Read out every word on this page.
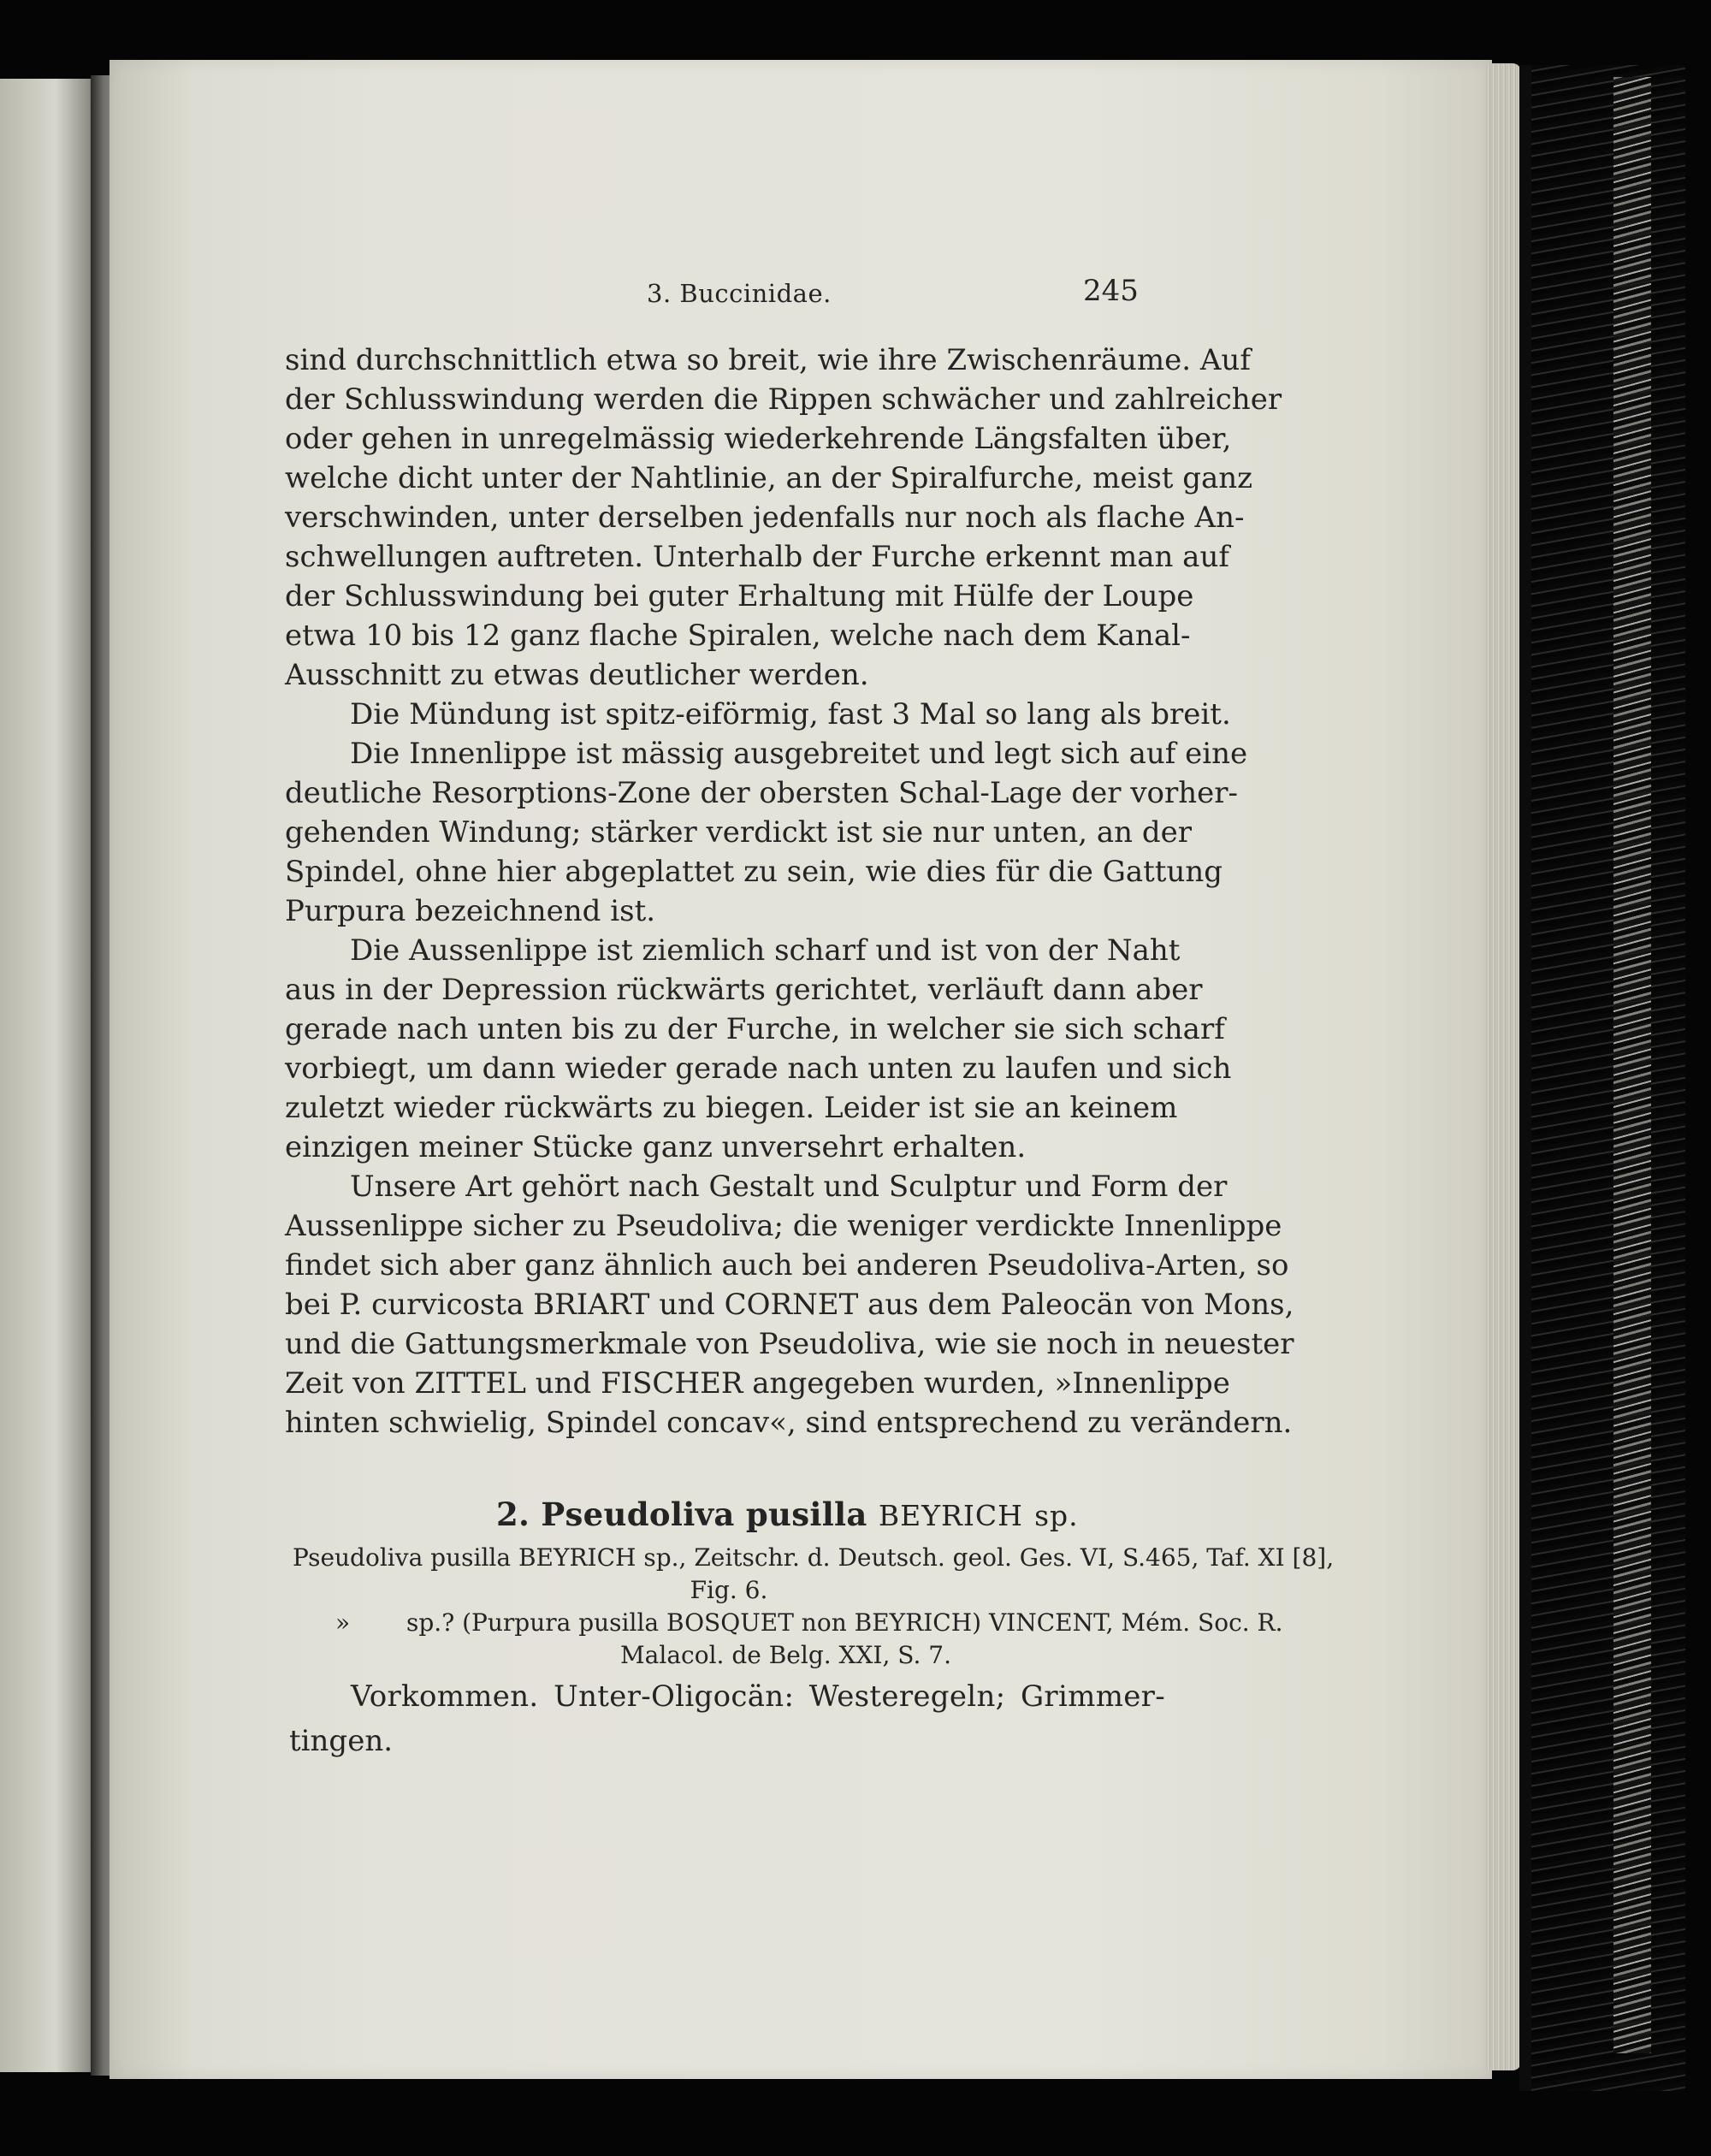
3. Buccinidae.	245
sind durchschnittlich etwa so breit, wie ihre Zwischenräume. Auf
der Schlusswindung werden die Rippen schwächer und zahlreicher
oder gehen in unregelmässig wiederkehrende Längsfalten über,
welche dicht unter der Nahtlinie, an der Spiralfurche, meist ganz
verschwinden, unter derselben jedenfalls nur noch als flache An-
schwellungen auftreten. Unterhalb der Furche erkennt man auf
der Schlusswindung bei guter Erhaltung mit Hülfe der Loupe
etwa 10 bis 12 ganz flache Spiralen, welche nach dem Kanal-
Ausschnitt zu etwas deutlicher werden.
Die Mündung ist spitz-eiförmig, fast 3 Mal so lang als breit.
Die Innenlippe ist mässig ausgebreitet und legt sich auf eine
deutliche Resorptions-Zone der obersten Schal-Lage der vorher-
gehenden Windung; stärker verdickt ist sie nur unten, an der
Spindel, ohne hier abgeplattet zu sein, wie dies für die Gattung
Purpura bezeichnend ist.
Die Aussenlippe ist ziemlich scharf und ist von der Naht
aus in der Depression rückwärts gerichtet, verläuft dann aber
gerade nach unten bis zu der Furche, in welcher sie sich scharf
vorbiegt, um dann wieder gerade nach unten zu laufen und sich
zuletzt wieder rückwärts zu biegen. Leider ist sie an keinem
einzigen meiner Stücke ganz unversehrt erhalten.
Unsere Art gehört nach Gestalt und Sculptur und Form der
Aussenlippe sicher zu Pseudoliva; die weniger verdickte Innenlippe
findet sich aber ganz ähnlich auch bei anderen Pseudoliva-Arten, so
bei P. curvicosta BRIART und CORNET aus dem Paleocän von Mons,
und die Gattungsmerkmale von Pseudoliva, wie sie noch in neuester
Zeit von ZITTEL und FISCHER angegeben wurden, »Innenlippe
hinten schwielig, Spindel concav«, sind entsprechend zu verändern.
2. Pseudoliva pusilla BEYRICH sp.
Pseudoliva pusilla BEYRICH sp., Zeitschr. d. Deutsch. geol. Ges. VI, S.465, Taf. XI [8],
Fig. 6.
» sp.? (Purpura pusilla BOSQUET non BEYRICH) VINCENT, Mém. Soc. R.
Malacol. de Belg. XXI, S. 7.
Vorkommen. Unter-Oligocän: Westeregeln; Grimmer-
tingen.
